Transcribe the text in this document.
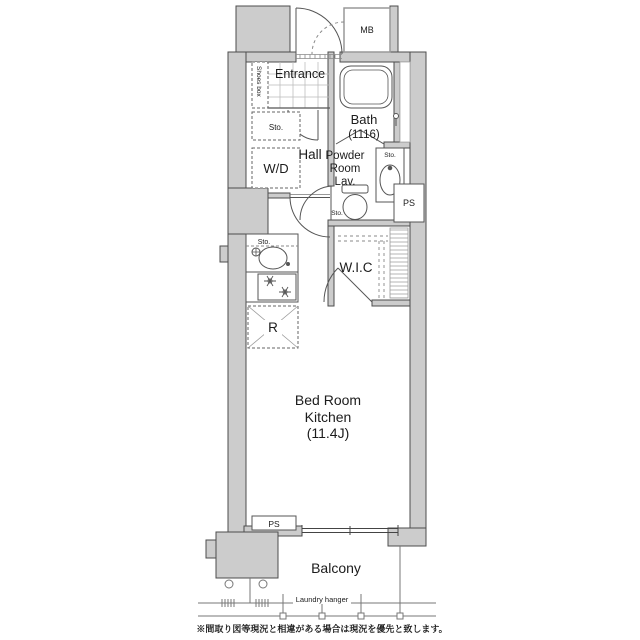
MB
Entrance
Shoes box
Sto.
W/D
Hall
Bath
(1116)
Powder
Room
Lav.
Sto.
Sto.
PS
W.I.C
Sto.
R
Bed Room
Kitchen
(11.4J)
PS
Balcony
Laundry hanger
※間取り図等現況と相違がある場合は現況を優先と致します。
